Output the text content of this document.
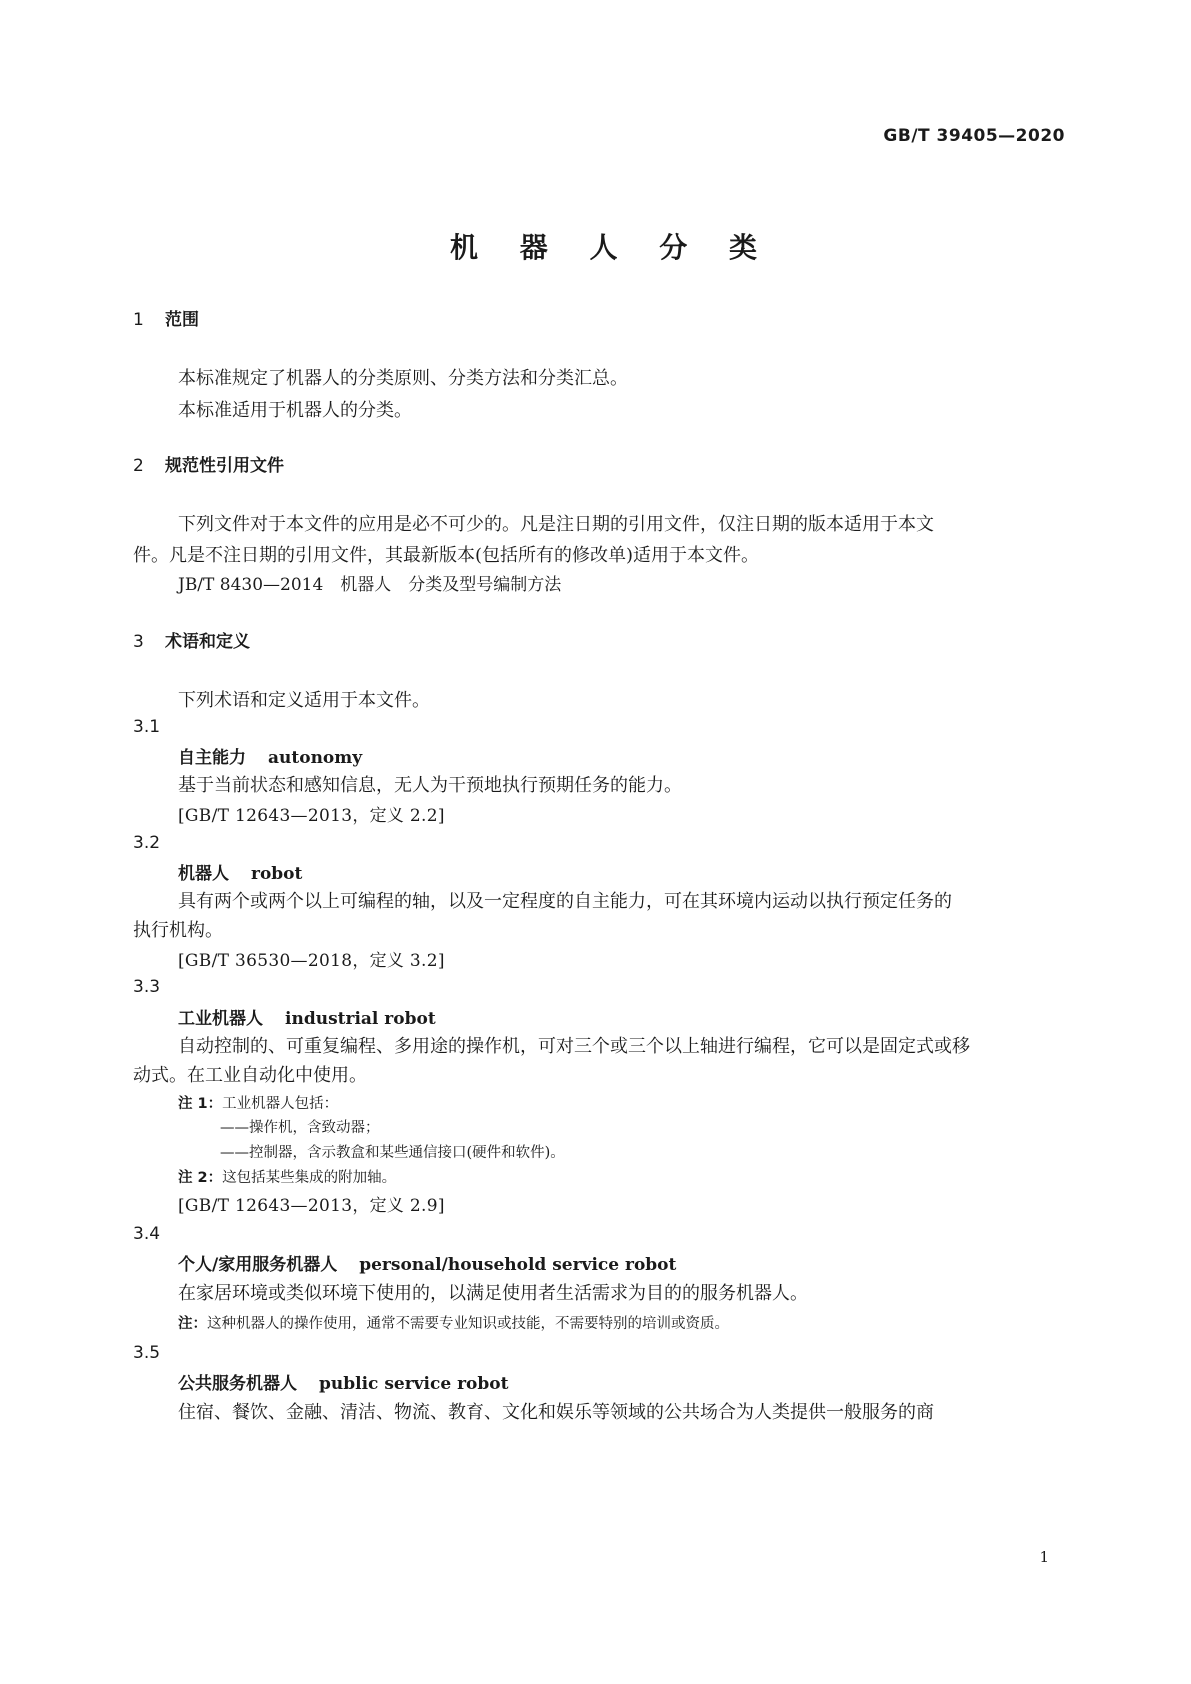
GB/T 39405—2020
机 器 人 分 类
1 范围
本标准规定了机器人的分类原则、分类方法和分类汇总。
本标准适用于机器人的分类。
2 规范性引用文件
下列文件对于本文件的应用是必不可少的。凡是注日期的引用文件，仅注日期的版本适用于本文
件。凡是不注日期的引用文件，其最新版本(包括所有的修改单)适用于本文件。
JB/T 8430—2014　机器人　分类及型号编制方法
3 术语和定义
下列术语和定义适用于本文件。
3.1
自主能力 autonomy
基于当前状态和感知信息，无人为干预地执行预期任务的能力。
[GB/T 12643—2013，定义 2.2]
3.2
机器人 robot
具有两个或两个以上可编程的轴，以及一定程度的自主能力，可在其环境内运动以执行预定任务的
执行机构。
[GB/T 36530—2018，定义 3.2]
3.3
工业机器人 industrial robot
自动控制的、可重复编程、多用途的操作机，可对三个或三个以上轴进行编程，它可以是固定式或移
动式。在工业自动化中使用。
注 1：工业机器人包括：
——操作机，含致动器；
——控制器，含示教盒和某些通信接口(硬件和软件)。
注 2：这包括某些集成的附加轴。
[GB/T 12643—2013，定义 2.9]
3.4
个人/家用服务机器人 personal/household service robot
在家居环境或类似环境下使用的，以满足使用者生活需求为目的的服务机器人。
注：这种机器人的操作使用，通常不需要专业知识或技能，不需要特别的培训或资质。
3.5
公共服务机器人 public service robot
住宿、餐饮、金融、清洁、物流、教育、文化和娱乐等领域的公共场合为人类提供一般服务的商
1
